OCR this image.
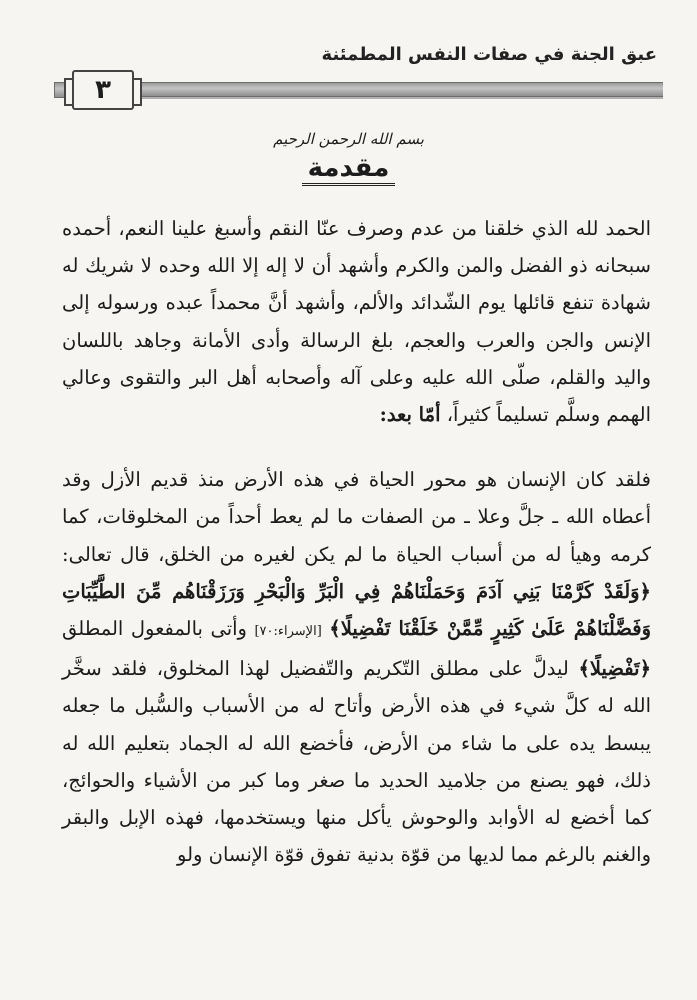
عبق الجنة في صفات النفس المطمئنة
٣
بسم الله الرحمن الرحيم
مقدمة

الحمد لله الذي خلقنا من عدم وصرف عنّا النقم وأسبغ علينا النعم، أحمده سبحانه ذو الفضل والمن والكرم وأشهد أن لا إله إلا الله وحده لا شريك له شهادة تنفع قائلها يوم الشّدائد والألم، وأشهد أنَّ محمداً عبده ورسوله إلى الإنس والجن والعرب والعجم، بلغ الرسالة وأدى الأمانة وجاهد باللسان واليد والقلم، صلّى الله عليه وعلى آله وأصحابه أهل البر والتقوى وعالي الهمم وسلَّم تسليماً كثيراً، أمّا بعد:

فلقد كان الإنسان هو محور الحياة في هذه الأرض منذ قديم الأزل وقد أعطاه الله ـ جلَّ وعلا ـ من الصفات ما لم يعط أحداً من المخلوقات، كما كرمه وهيأ له من أسباب الحياة ما لم يكن لغيره من الخلق، قال تعالى: ﴿وَلَقَدْ كَرَّمْنَا بَنِي آدَمَ وَحَمَلْنَاهُمْ فِي الْبَرِّ وَالْبَحْرِ وَرَزَقْنَاهُم مِّنَ الطَّيِّبَاتِ وَفَضَّلْنَاهُمْ عَلَىٰ كَثِيرٍ مِّمَّنْ خَلَقْنَا تَفْضِيلًا﴾ [الإسراء:٧٠] وأتى بالمفعول المطلق ﴿تَفْضِيلًا﴾ ليدلَّ على مطلق التّكريم والتّفضيل لهذا المخلوق، فلقد سخَّر الله له كلَّ شيء في هذه الأرض وأتاح له من الأسباب والسُّبل ما جعله يبسط يده على ما شاء من الأرض، فأخضع الله له الجماد بتعليم الله له ذلك، فهو يصنع من جلاميد الحديد ما صغر وما كبر من الأشياء والحوائج، كما أخضع له الأوابد والوحوش يأكل منها ويستخدمها، فهذه الإبل والبقر والغنم بالرغم مما لديها من قوّة بدنية تفوق قوّة الإنسان ولو
